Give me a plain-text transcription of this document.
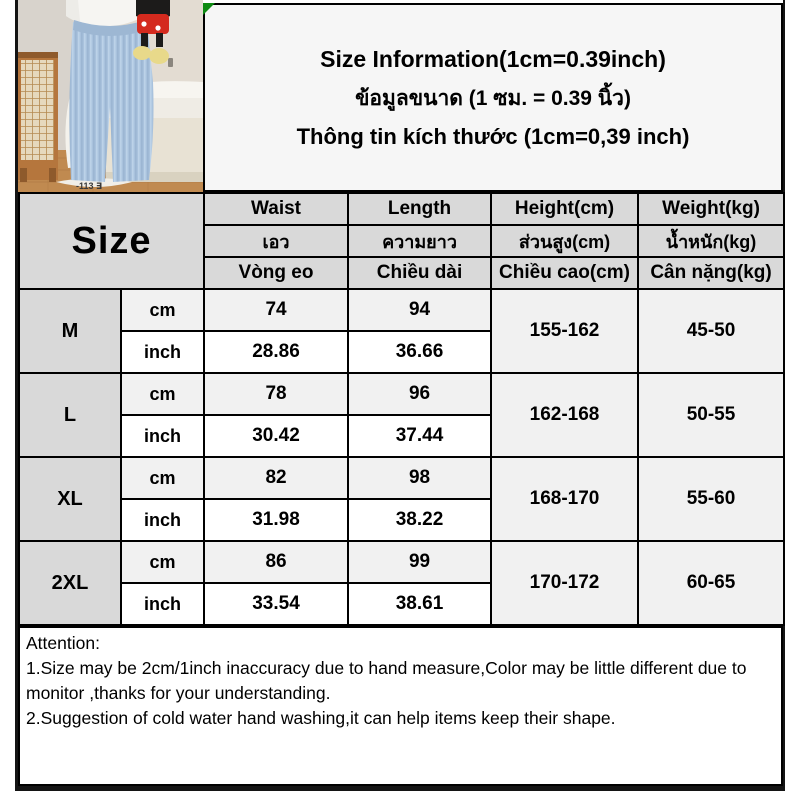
-113 ∃
Size Information(1cm=0.39inch)
ข้อมูลขนาด (1 ซม. = 0.39 นิ้ว)
Thông tin kích thước (1cm=0,39 inch)
Size		Waist	Length	Height(cm)	Weight(kg)
		เอว	ความยาว	ส่วนสูง(cm)	น้ำหนัก(kg)
		Vòng eo	Chiều dài	Chiều cao(cm)	Cân nặng(kg)
M	cm	74	94	155-162	45-50
	inch	28.86	36.66		
L	cm	78	96	162-168	50-55
	inch	30.42	37.44		
XL	cm	82	98	168-170	55-60
	inch	31.98	38.22		
2XL	cm	86	99	170-172	60-65
	inch	33.54	38.61		
Attention:
1.Size may be 2cm/1inch inaccuracy due to hand measure,Color may be little different due to monitor ,thanks for your understanding.
2.Suggestion of cold water hand washing,it can help items keep their shape.
